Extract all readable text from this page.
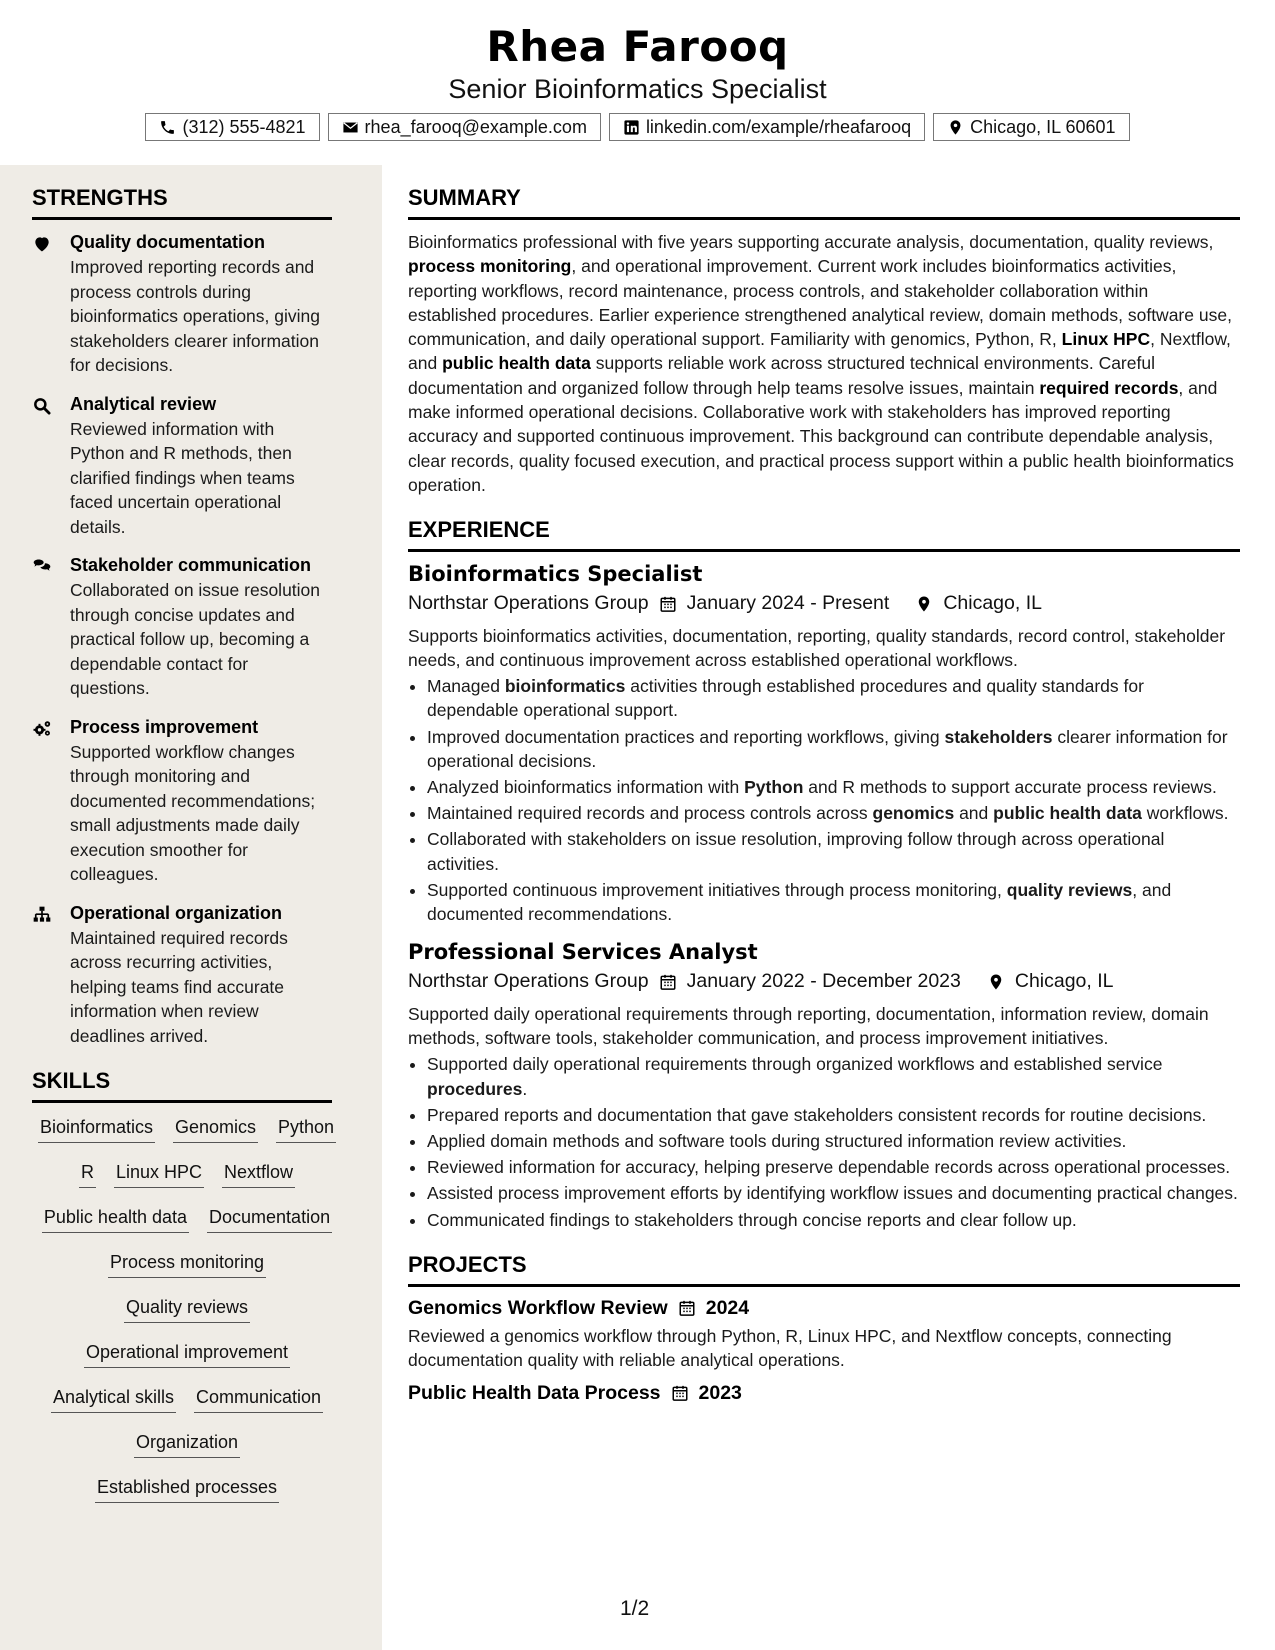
Rhea Farooq
Senior Bioinformatics Specialist
(312) 555-4821	rhea_farooq@example.com	linkedin.com/example/rheafarooq	Chicago, IL 60601
STRENGTHS
Quality documentation

Improved reporting records and process controls during bioinformatics operations, giving stakeholders clearer information for decisions.

Analytical review

Reviewed information with Python and R methods, then clarified findings when teams faced uncertain operational details.

Stakeholder communication

Collaborated on issue resolution through concise updates and practical follow up, becoming a dependable contact for questions.

Process improvement

Supported workflow changes through monitoring and documented recommendations; small adjustments made daily execution smoother for colleagues.

Operational organization

Maintained required records across recurring activities, helping teams find accurate information when review deadlines arrived.

SKILLS
Bioinformatics Genomics Python
R Linux HPC Nextflow
Public health data Documentation
Process monitoring
Quality reviews
Operational improvement
Analytical skills Communication
Organization
Established processes
SUMMARY

Bioinformatics professional with five years supporting accurate analysis, documentation, quality reviews, process monitoring, and operational improvement. Current work includes bioinformatics activities, reporting workflows, record maintenance, process controls, and stakeholder collaboration within established procedures. Earlier experience strengthened analytical review, domain methods, software use, communication, and daily operational support. Familiarity with genomics, Python, R, Linux HPC, Nextflow, and public health data supports reliable work across structured technical environments. Careful documentation and organized follow through help teams resolve issues, maintain required records, and make informed operational decisions. Collaborative work with stakeholders has improved reporting accuracy and supported continuous improvement. This background can contribute dependable analysis, clear records, quality focused execution, and practical process support within a public health bioinformatics operation.

EXPERIENCE
Bioinformatics Specialist
Northstar Operations Group January 2024 - Present	Chicago, IL

Supports bioinformatics activities, documentation, reporting, quality standards, record control, stakeholder needs, and continuous improvement across established operational workflows.

• Managed bioinformatics activities through established procedures and quality standards for dependable operational support.
• Improved documentation practices and reporting workflows, giving stakeholders clearer information for operational decisions.
• Analyzed bioinformatics information with Python and R methods to support accurate process reviews.
• Maintained required records and process controls across genomics and public health data workflows.
• Collaborated with stakeholders on issue resolution, improving follow through across operational activities.
• Supported continuous improvement initiatives through process monitoring, quality reviews, and documented recommendations.
Professional Services Analyst
Northstar Operations Group January 2022 - December 2023	Chicago, IL

Supported daily operational requirements through reporting, documentation, information review, domain methods, software tools, stakeholder communication, and process improvement initiatives.

• Supported daily operational requirements through organized workflows and established service procedures.
• Prepared reports and documentation that gave stakeholders consistent records for routine decisions.
• Applied domain methods and software tools during structured information review activities.
• Reviewed information for accuracy, helping preserve dependable records across operational processes.
• Assisted process improvement efforts by identifying workflow issues and documenting practical changes.
• Communicated findings to stakeholders through concise reports and clear follow up.
PROJECTS
Genomics Workflow Review 2024

Reviewed a genomics workflow through Python, R, Linux HPC, and Nextflow concepts, connecting documentation quality with reliable analytical operations.

Public Health Data Process 2023
1/2
